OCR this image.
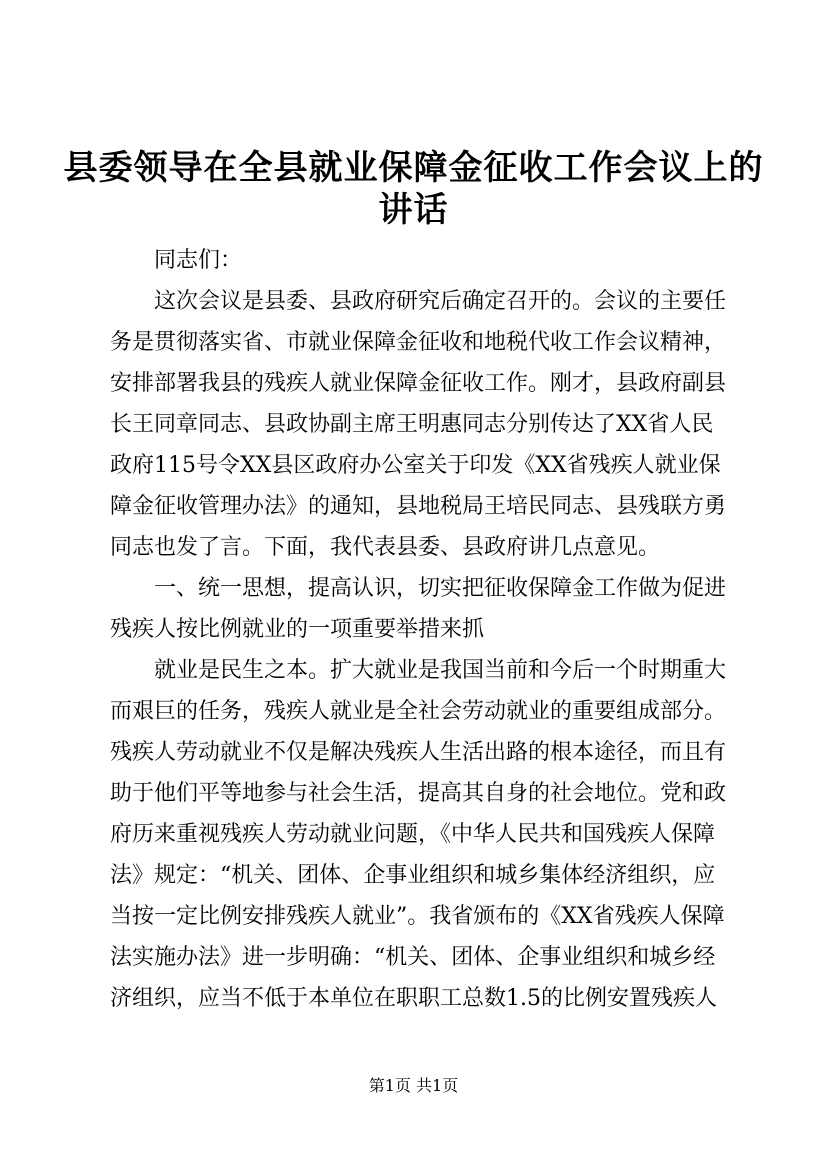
县委领导在全县就业保障金征收工作会议上的
讲话

　　同志们：

　　这次会议是县委、县政府研究后确定召开的。会议的主要任

务是贯彻落实省、市就业保障金征收和地税代收工作会议精神，

安排部署我县的残疾人就业保障金征收工作。刚才，县政府副县

长王同章同志、县政协副主席王明惠同志分别传达了XX省人民

政府115号令XX县区政府办公室关于印发《XX省残疾人就业保

障金征收管理办法》的通知，县地税局王培民同志、县残联方勇

同志也发了言。下面，我代表县委、县政府讲几点意见。

　　一、统一思想，提高认识，切实把征收保障金工作做为促进

残疾人按比例就业的一项重要举措来抓

　　就业是民生之本。扩大就业是我国当前和今后一个时期重大

而艰巨的任务，残疾人就业是全社会劳动就业的重要组成部分。

残疾人劳动就业不仅是解决残疾人生活出路的根本途径，而且有

助于他们平等地参与社会生活，提高其自身的社会地位。党和政

府历来重视残疾人劳动就业问题，《中华人民共和国残疾人保障

法》规定：“机关、团体、企事业组织和城乡集体经济组织，应

当按一定比例安排残疾人就业”。我省颁布的《XX省残疾人保障

法实施办法》进一步明确：“机关、团体、企事业组织和城乡经

济组织，应当不低于本单位在职职工总数1.5的比例安置残疾人

第1页 共1页
